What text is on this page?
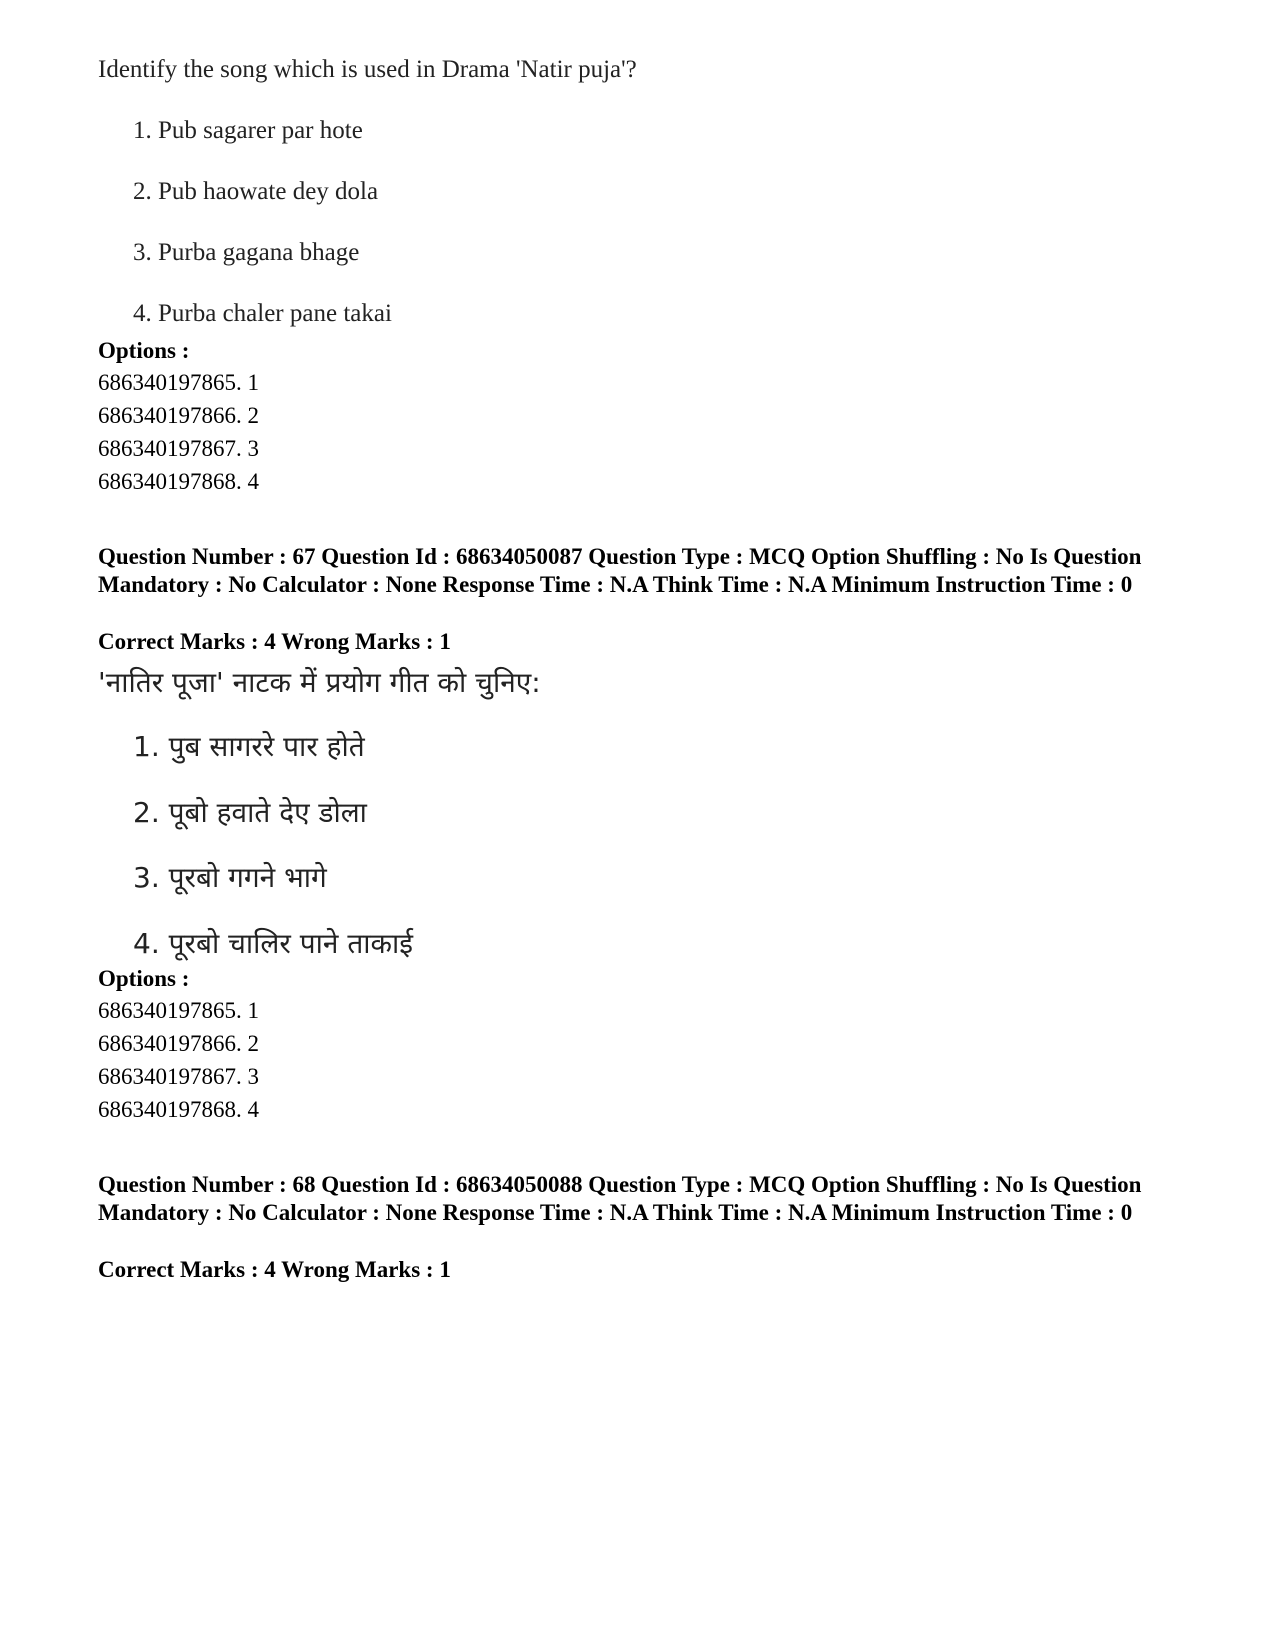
Identify the song which is used in Drama 'Natir puja'?
1. Pub sagarer par hote
2. Pub haowate dey dola
3. Purba gagana bhage
4. Purba chaler pane takai
Options :
686340197865. 1
686340197866. 2
686340197867. 3
686340197868. 4
Question Number : 67 Question Id : 68634050087 Question Type : MCQ Option Shuffling : No Is Question Mandatory : No Calculator : None Response Time : N.A Think Time : N.A Minimum Instruction Time : 0
Correct Marks : 4 Wrong Marks : 1
'नातिर पूजा' नाटक में प्रयोग गीत को चुनिए:
1. पुब सागररे पार होते
2. पूबो हवाते देए डोला
3. पूरबो गगने भागे
4. पूरबो चालिर पाने ताकाई
Options :
686340197865. 1
686340197866. 2
686340197867. 3
686340197868. 4
Question Number : 68 Question Id : 68634050088 Question Type : MCQ Option Shuffling : No Is Question Mandatory : No Calculator : None Response Time : N.A Think Time : N.A Minimum Instruction Time : 0
Correct Marks : 4 Wrong Marks : 1
